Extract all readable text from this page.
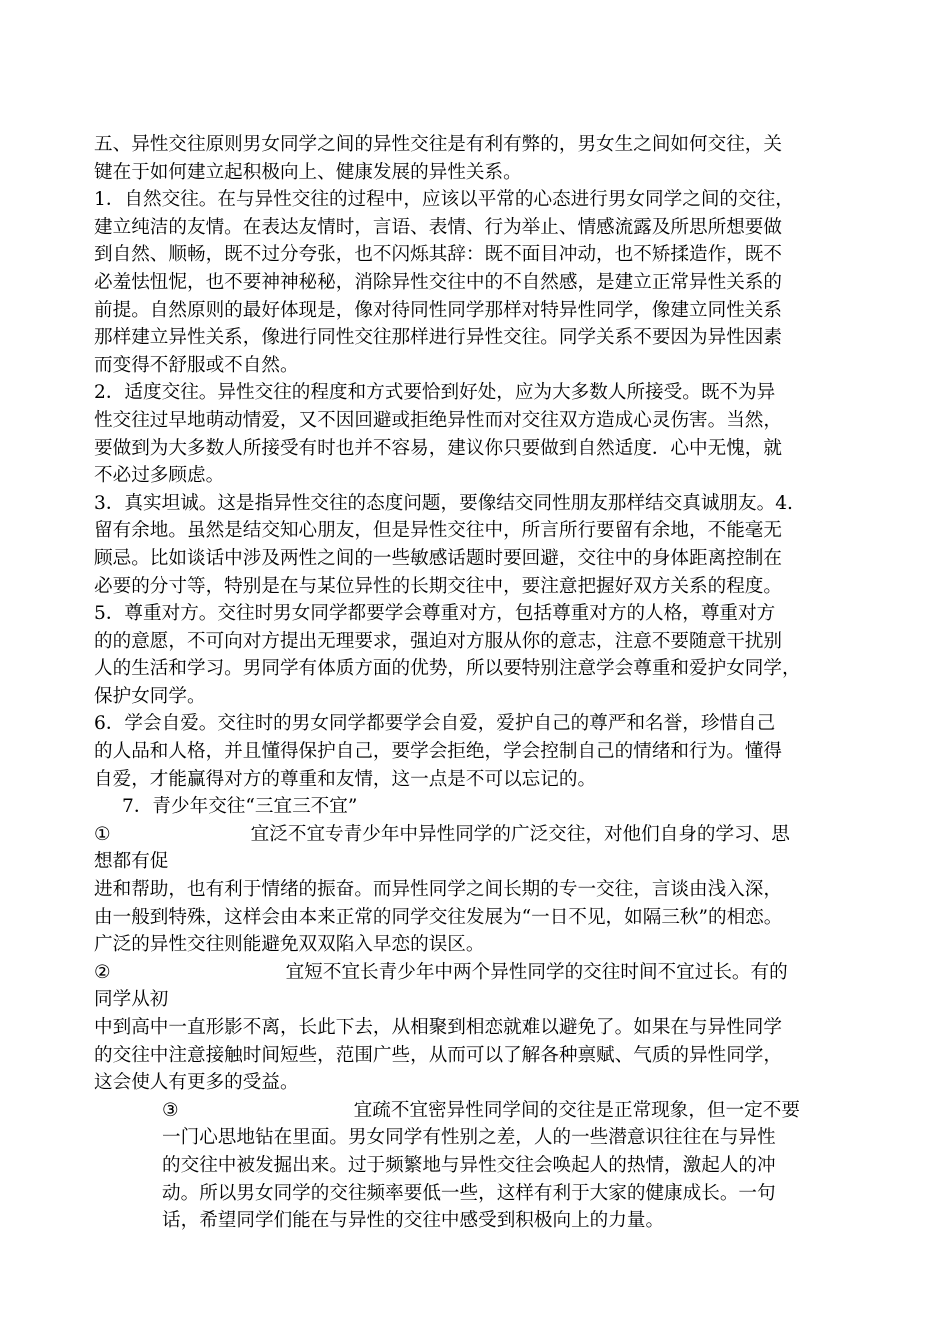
五、异性交往原则男女同学之间的异性交往是有利有弊的，男女生之间如何交往，关
键在于如何建立起积极向上、健康发展的异性关系。
1．自然交往。在与异性交往的过程中，应该以平常的心态进行男女同学之间的交往，
建立纯洁的友情。在表达友情时，言语、表情、行为举止、情感流露及所思所想要做
到自然、顺畅，既不过分夸张，也不闪烁其辞：既不面目冲动，也不矫揉造作，既不
必羞怯忸怩，也不要神神秘秘，消除异性交往中的不自然感，是建立正常异性关系的
前提。自然原则的最好体现是，像对待同性同学那样对特异性同学，像建立同性关系
那样建立异性关系，像进行同性交往那样进行异性交往。同学关系不要因为异性因素
而变得不舒服或不自然。
2．适度交往。异性交往的程度和方式要恰到好处，应为大多数人所接受。既不为异
性交往过早地萌动情爱，又不因回避或拒绝异性而对交往双方造成心灵伤害。当然，
要做到为大多数人所接受有时也并不容易，建议你只要做到自然适度．心中无愧，就
不必过多顾虑。
3．真实坦诚。这是指异性交往的态度问题，要像结交同性朋友那样结交真诚朋友。4.
留有余地。虽然是结交知心朋友，但是异性交往中，所言所行要留有余地，不能毫无
顾忌。比如谈话中涉及两性之间的一些敏感话题时要回避，交往中的身体距离控制在
必要的分寸等，特别是在与某位异性的长期交往中，要注意把握好双方关系的程度。
5．尊重对方。交往时男女同学都要学会尊重对方，包括尊重对方的人格，尊重对方
的的意愿，不可向对方提出无理要求，强迫对方服从你的意志，注意不要随意干扰别
人的生活和学习。男同学有体质方面的优势，所以要特别注意学会尊重和爱护女同学，
保护女同学。
6．学会自爱。交往时的男女同学都要学会自爱，爱护自己的尊严和名誉，珍惜自己
的人品和人格，并且懂得保护自己，要学会拒绝，学会控制自己的情绪和行为。懂得
自爱，才能赢得对方的尊重和友情，这一点是不可以忘记的。
7．青少年交往“三宜三不宜”
①	宜泛不宜专青少年中异性同学的广泛交往，对他们自身的学习、思
想都有促
进和帮助，也有利于情绪的振奋。而异性同学之间长期的专一交往，言谈由浅入深，
由一般到特殊，这样会由本来正常的同学交往发展为“一日不见，如隔三秋”的相恋。
广泛的异性交往则能避免双双陷入早恋的误区。
②	宜短不宜长青少年中两个异性同学的交往时间不宜过长。有的
同学从初
中到高中一直形影不离，长此下去，从相聚到相恋就难以避免了。如果在与异性同学
的交往中注意接触时间短些，范围广些，从而可以了解各种禀赋、气质的异性同学，
这会使人有更多的受益。
③	宜疏不宜密异性同学间的交往是正常现象，但一定不要
一门心思地钻在里面。男女同学有性别之差，人的一些潜意识往往在与异性
的交往中被发掘出来。过于频繁地与异性交往会唤起人的热情，激起人的冲
动。所以男女同学的交往频率要低一些，这样有利于大家的健康成长。一句
话，希望同学们能在与异性的交往中感受到积极向上的力量。
